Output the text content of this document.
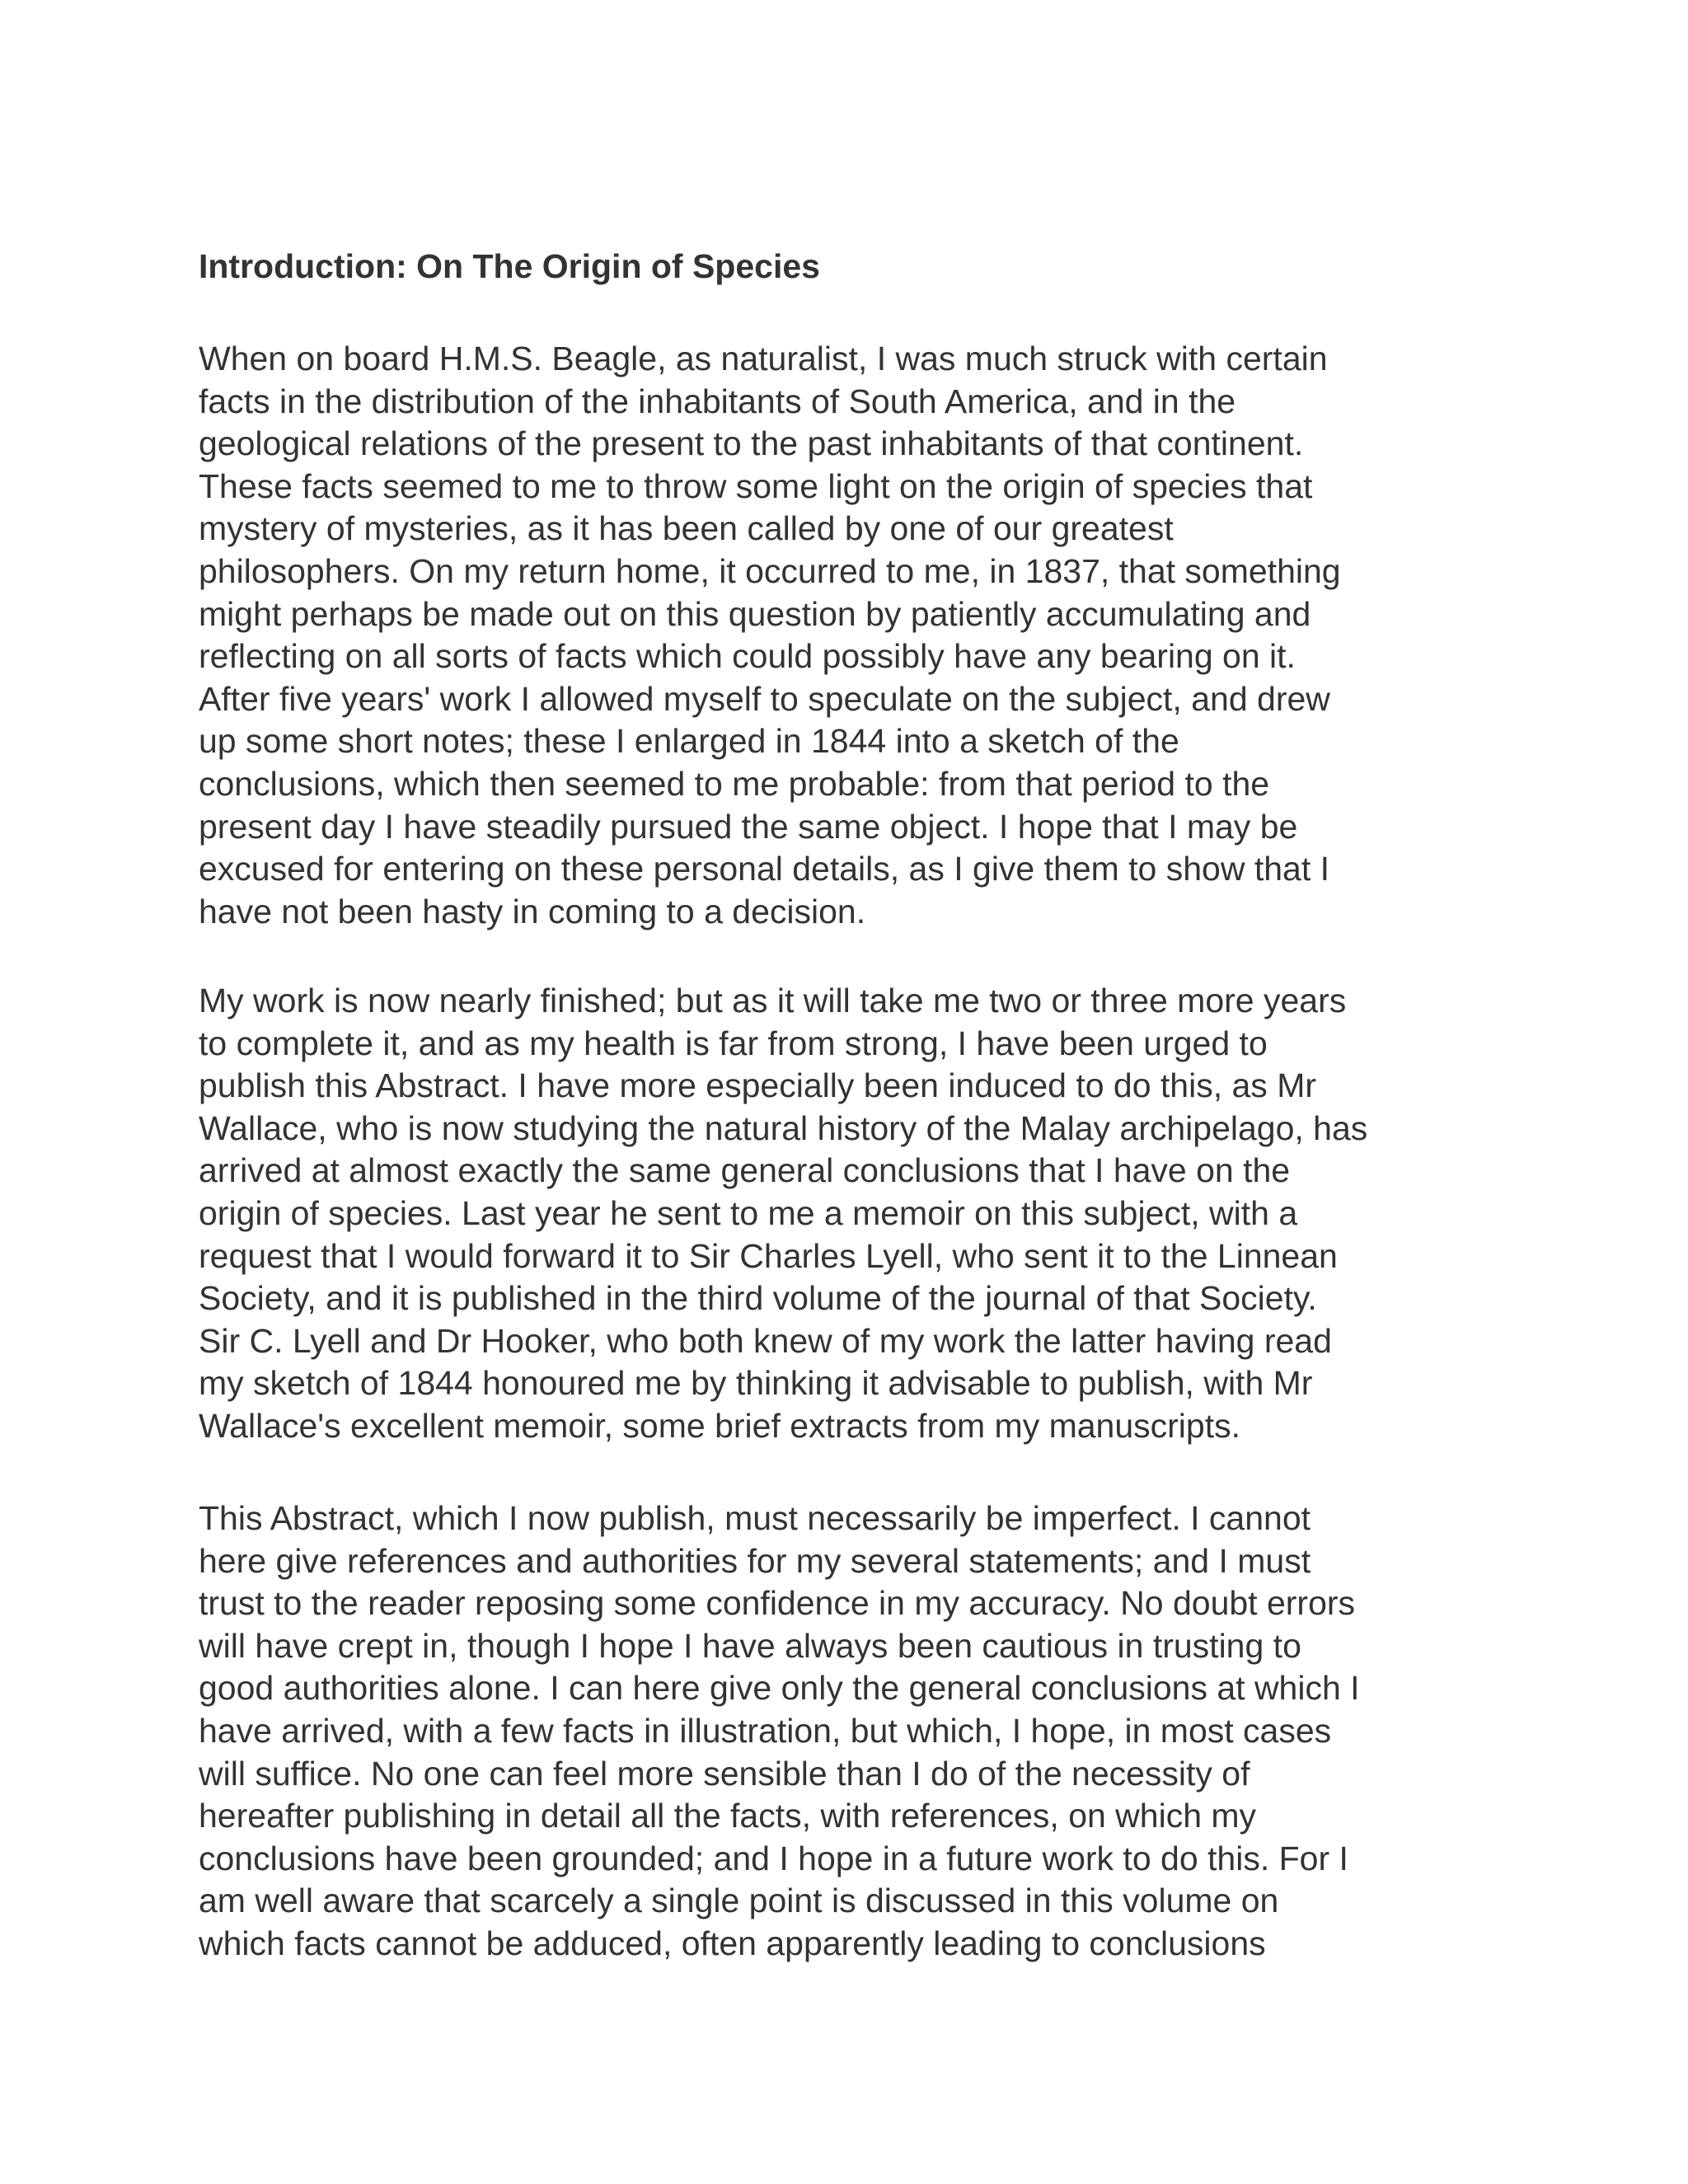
Introduction: On The Origin of Species

When on board H.M.S. Beagle, as naturalist, I was much struck with certain
facts in the distribution of the inhabitants of South America, and in the
geological relations of the present to the past inhabitants of that continent.
These facts seemed to me to throw some light on the origin of species that
mystery of mysteries, as it has been called by one of our greatest
philosophers. On my return home, it occurred to me, in 1837, that something
might perhaps be made out on this question by patiently accumulating and
reflecting on all sorts of facts which could possibly have any bearing on it.
After five years' work I allowed myself to speculate on the subject, and drew
up some short notes; these I enlarged in 1844 into a sketch of the
conclusions, which then seemed to me probable: from that period to the
present day I have steadily pursued the same object. I hope that I may be
excused for entering on these personal details, as I give them to show that I
have not been hasty in coming to a decision.

My work is now nearly finished; but as it will take me two or three more years
to complete it, and as my health is far from strong, I have been urged to
publish this Abstract. I have more especially been induced to do this, as Mr
Wallace, who is now studying the natural history of the Malay archipelago, has
arrived at almost exactly the same general conclusions that I have on the
origin of species. Last year he sent to me a memoir on this subject, with a
request that I would forward it to Sir Charles Lyell, who sent it to the Linnean
Society, and it is published in the third volume of the journal of that Society.
Sir C. Lyell and Dr Hooker, who both knew of my work the latter having read
my sketch of 1844 honoured me by thinking it advisable to publish, with Mr
Wallace's excellent memoir, some brief extracts from my manuscripts.

This Abstract, which I now publish, must necessarily be imperfect. I cannot
here give references and authorities for my several statements; and I must
trust to the reader reposing some confidence in my accuracy. No doubt errors
will have crept in, though I hope I have always been cautious in trusting to
good authorities alone. I can here give only the general conclusions at which I
have arrived, with a few facts in illustration, but which, I hope, in most cases
will suffice. No one can feel more sensible than I do of the necessity of
hereafter publishing in detail all the facts, with references, on which my
conclusions have been grounded; and I hope in a future work to do this. For I
am well aware that scarcely a single point is discussed in this volume on
which facts cannot be adduced, often apparently leading to conclusions
